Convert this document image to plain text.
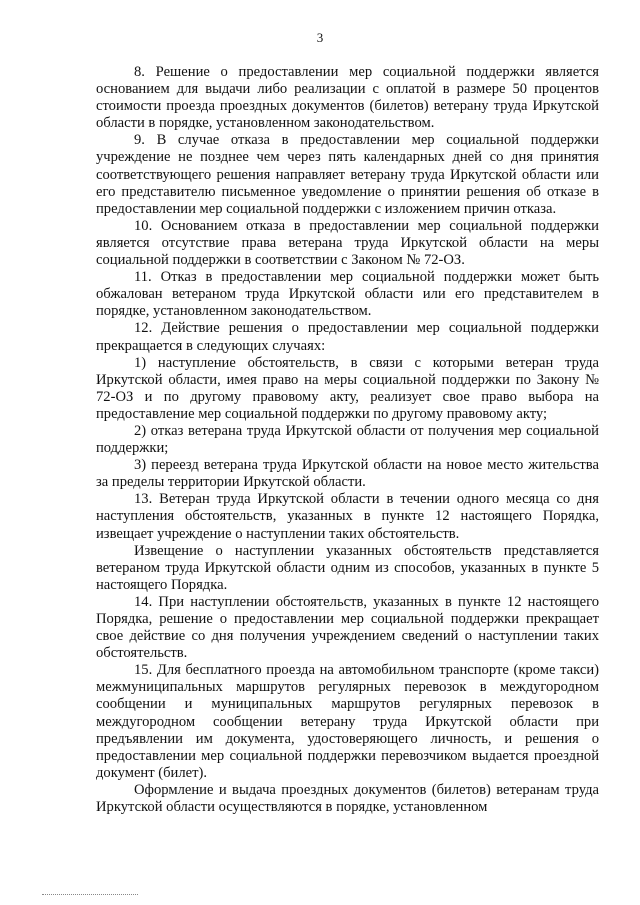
3

8. Решение о предоставлении мер социальной поддержки является основанием для выдачи либо реализации с оплатой в размере 50 процентов стоимости проезда проездных документов (билетов) ветерану труда Иркутской области в порядке, установленном законодательством.

9. В случае отказа в предоставлении мер социальной поддержки учреждение не позднее чем через пять календарных дней со дня принятия соответствующего решения направляет ветерану труда Иркутской области или его представителю письменное уведомление о принятии решения об отказе в предоставлении мер социальной поддержки с изложением причин отказа.

10. Основанием отказа в предоставлении мер социальной поддержки является отсутствие права ветерана труда Иркутской области на меры социальной поддержки в соответствии с Законом № 72-ОЗ.

11. Отказ в предоставлении мер социальной поддержки может быть обжалован ветераном труда Иркутской области или его представителем в порядке, установленном законодательством.

12. Действие решения о предоставлении мер социальной поддержки прекращается в следующих случаях:

1) наступление обстоятельств, в связи с которыми ветеран труда Иркутской области, имея право на меры социальной поддержки по Закону № 72-ОЗ и по другому правовому акту, реализует свое право выбора на предоставление мер социальной поддержки по другому правовому акту;

2) отказ ветерана труда Иркутской области от получения мер социальной поддержки;

3) переезд ветерана труда Иркутской области на новое место жительства за пределы территории Иркутской области.

13. Ветеран труда Иркутской области в течении одного месяца со дня наступления обстоятельств, указанных в пункте 12 настоящего Порядка, извещает учреждение о наступлении таких обстоятельств.

Извещение о наступлении указанных обстоятельств представляется ветераном труда Иркутской области одним из способов, указанных в пункте 5 настоящего Порядка.

14. При наступлении обстоятельств, указанных в пункте 12 настоящего Порядка, решение о предоставлении мер социальной поддержки прекращает свое действие со дня получения учреждением сведений о наступлении таких обстоятельств.

15. Для бесплатного проезда на автомобильном транспорте (кроме такси) межмуниципальных маршрутов регулярных перевозок в междугородном сообщении и муниципальных маршрутов регулярных перевозок в междугородном сообщении ветерану труда Иркутской области при предъявлении им документа, удостоверяющего личность, и решения о предоставлении мер социальной поддержки перевозчиком выдается проездной документ (билет).

Оформление и выдача проездных документов (билетов) ветеранам труда Иркутской области осуществляются в порядке, установленном
